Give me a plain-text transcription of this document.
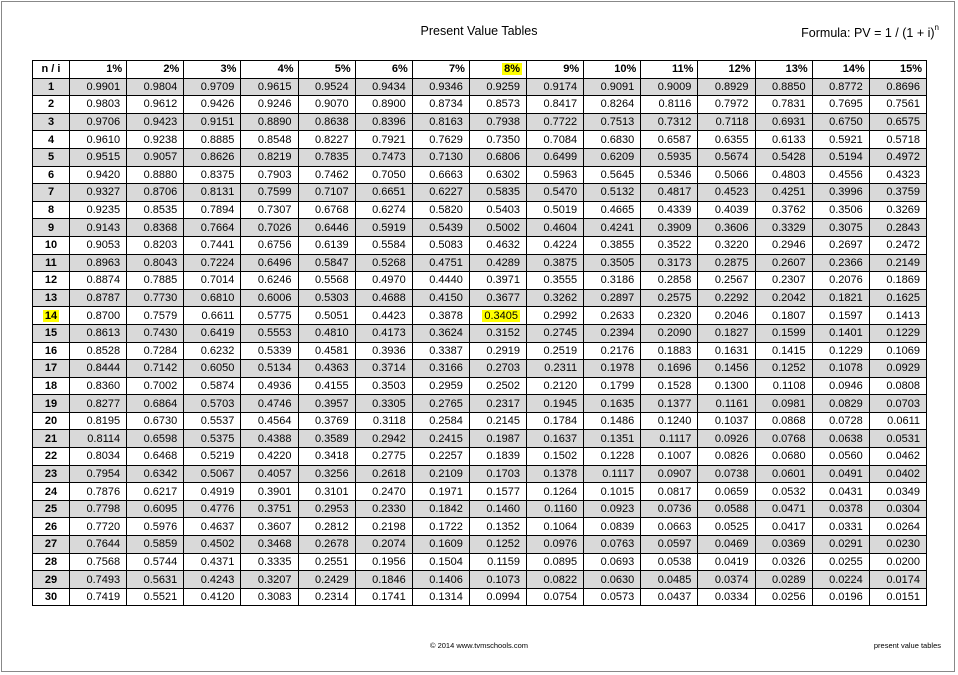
Present Value Tables	Formula: PV = $1 / (1 + i)^n$
n / i	1%	2%	3%	4%	5%	6%	7%	8%	9%	10%	11%	12%	13%	14%	15%
1	0.9901	0.9804	0.9709	0.9615	0.9524	0.9434	0.9346	0.9259	0.9174	0.9091	0.9009	0.8929	0.8850	0.8772	0.8696
2	0.9803	0.9612	0.9426	0.9246	0.9070	0.8900	0.8734	0.8573	0.8417	0.8264	0.8116	0.7972	0.7831	0.7695	0.7561
3	0.9706	0.9423	0.9151	0.8890	0.8638	0.8396	0.8163	0.7938	0.7722	0.7513	0.7312	0.7118	0.6931	0.6750	0.6575
4	0.9610	0.9238	0.8885	0.8548	0.8227	0.7921	0.7629	0.7350	0.7084	0.6830	0.6587	0.6355	0.6133	0.5921	0.5718
5	0.9515	0.9057	0.8626	0.8219	0.7835	0.7473	0.7130	0.6806	0.6499	0.6209	0.5935	0.5674	0.5428	0.5194	0.4972
6	0.9420	0.8880	0.8375	0.7903	0.7462	0.7050	0.6663	0.6302	0.5963	0.5645	0.5346	0.5066	0.4803	0.4556	0.4323
7	0.9327	0.8706	0.8131	0.7599	0.7107	0.6651	0.6227	0.5835	0.5470	0.5132	0.4817	0.4523	0.4251	0.3996	0.3759
8	0.9235	0.8535	0.7894	0.7307	0.6768	0.6274	0.5820	0.5403	0.5019	0.4665	0.4339	0.4039	0.3762	0.3506	0.3269
9	0.9143	0.8368	0.7664	0.7026	0.6446	0.5919	0.5439	0.5002	0.4604	0.4241	0.3909	0.3606	0.3329	0.3075	0.2843
10	0.9053	0.8203	0.7441	0.6756	0.6139	0.5584	0.5083	0.4632	0.4224	0.3855	0.3522	0.3220	0.2946	0.2697	0.2472
11	0.8963	0.8043	0.7224	0.6496	0.5847	0.5268	0.4751	0.4289	0.3875	0.3505	0.3173	0.2875	0.2607	0.2366	0.2149
12	0.8874	0.7885	0.7014	0.6246	0.5568	0.4970	0.4440	0.3971	0.3555	0.3186	0.2858	0.2567	0.2307	0.2076	0.1869
13	0.8787	0.7730	0.6810	0.6006	0.5303	0.4688	0.4150	0.3677	0.3262	0.2897	0.2575	0.2292	0.2042	0.1821	0.1625
14	0.8700	0.7579	0.6611	0.5775	0.5051	0.4423	0.3878	0.3405	0.2992	0.2633	0.2320	0.2046	0.1807	0.1597	0.1413
15	0.8613	0.7430	0.6419	0.5553	0.4810	0.4173	0.3624	0.3152	0.2745	0.2394	0.2090	0.1827	0.1599	0.1401	0.1229
16	0.8528	0.7284	0.6232	0.5339	0.4581	0.3936	0.3387	0.2919	0.2519	0.2176	0.1883	0.1631	0.1415	0.1229	0.1069
17	0.8444	0.7142	0.6050	0.5134	0.4363	0.3714	0.3166	0.2703	0.2311	0.1978	0.1696	0.1456	0.1252	0.1078	0.0929
18	0.8360	0.7002	0.5874	0.4936	0.4155	0.3503	0.2959	0.2502	0.2120	0.1799	0.1528	0.1300	0.1108	0.0946	0.0808
19	0.8277	0.6864	0.5703	0.4746	0.3957	0.3305	0.2765	0.2317	0.1945	0.1635	0.1377	0.1161	0.0981	0.0829	0.0703
20	0.8195	0.6730	0.5537	0.4564	0.3769	0.3118	0.2584	0.2145	0.1784	0.1486	0.1240	0.1037	0.0868	0.0728	0.0611
21	0.8114	0.6598	0.5375	0.4388	0.3589	0.2942	0.2415	0.1987	0.1637	0.1351	0.1117	0.0926	0.0768	0.0638	0.0531
22	0.8034	0.6468	0.5219	0.4220	0.3418	0.2775	0.2257	0.1839	0.1502	0.1228	0.1007	0.0826	0.0680	0.0560	0.0462
23	0.7954	0.6342	0.5067	0.4057	0.3256	0.2618	0.2109	0.1703	0.1378	0.1117	0.0907	0.0738	0.0601	0.0491	0.0402
24	0.7876	0.6217	0.4919	0.3901	0.3101	0.2470	0.1971	0.1577	0.1264	0.1015	0.0817	0.0659	0.0532	0.0431	0.0349
25	0.7798	0.6095	0.4776	0.3751	0.2953	0.2330	0.1842	0.1460	0.1160	0.0923	0.0736	0.0588	0.0471	0.0378	0.0304
26	0.7720	0.5976	0.4637	0.3607	0.2812	0.2198	0.1722	0.1352	0.1064	0.0839	0.0663	0.0525	0.0417	0.0331	0.0264
27	0.7644	0.5859	0.4502	0.3468	0.2678	0.2074	0.1609	0.1252	0.0976	0.0763	0.0597	0.0469	0.0369	0.0291	0.0230
28	0.7568	0.5744	0.4371	0.3335	0.2551	0.1956	0.1504	0.1159	0.0895	0.0693	0.0538	0.0419	0.0326	0.0255	0.0200
29	0.7493	0.5631	0.4243	0.3207	0.2429	0.1846	0.1406	0.1073	0.0822	0.0630	0.0485	0.0374	0.0289	0.0224	0.0174
30	0.7419	0.5521	0.4120	0.3083	0.2314	0.1741	0.1314	0.0994	0.0754	0.0573	0.0437	0.0334	0.0256	0.0196	0.0151
© 2014 www.tvmschools.com	present value tables
